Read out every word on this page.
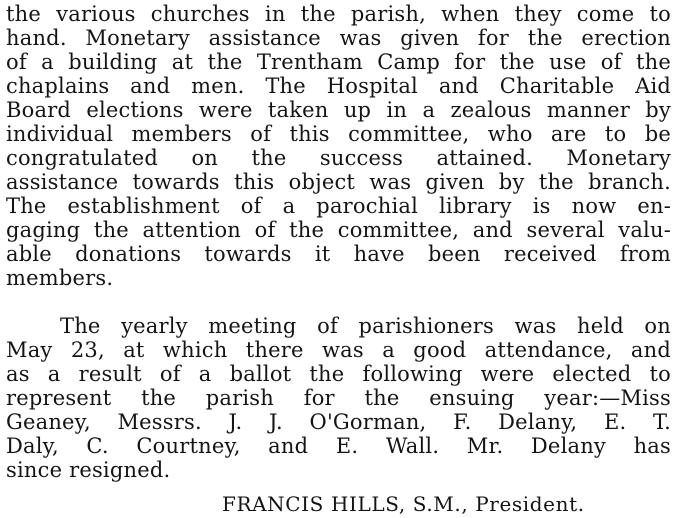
the various churches in the parish, when they come to
hand. Monetary assistance was given for the erection
of a building at the Trentham Camp for the use of the
chaplains and men. The Hospital and Charitable Aid
Board elections were taken up in a zealous manner by
individual members of this committee, who are to be
congratulated on the success attained. Monetary
assistance towards this object was given by the branch.
The establishment of a parochial library is now en-
gaging the attention of the committee, and several valu-
able donations towards it have been received from
members.
The yearly meeting of parishioners was held on
May 23, at which there was a good attendance, and
as a result of a ballot the following were elected to
represent the parish for the ensuing year:—Miss
Geaney, Messrs. J. J. O'Gorman, F. Delany, E. T.
Daly, C. Courtney, and E. Wall. Mr. Delany has
since resigned.
FRANCIS HILLS, S.M., President.
